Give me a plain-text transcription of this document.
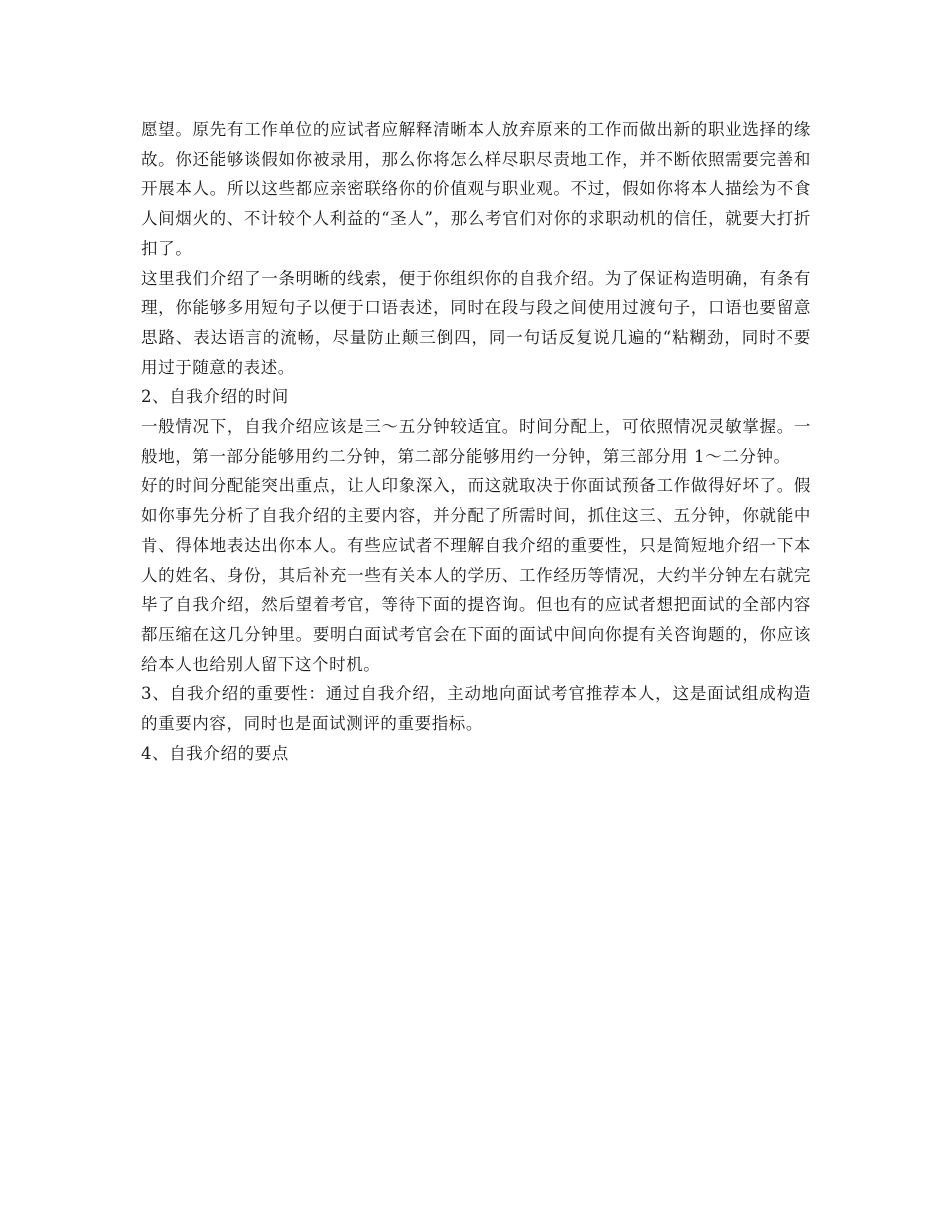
愿望。原先有工作单位的应试者应解释清晰本人放弃原来的工作而做出新的职业选择的缘故。你还能够谈假如你被录用，那么你将怎么样尽职尽责地工作，并不断依照需要完善和开展本人。所以这些都应亲密联络你的价值观与职业观。不过，假如你将本人描绘为不食人间烟火的、不计较个人利益的“圣人”，那么考官们对你的求职动机的信任，就要大打折扣了。

这里我们介绍了一条明晰的线索，便于你组织你的自我介绍。为了保证构造明确，有条有理，你能够多用短句子以便于口语表述，同时在段与段之间使用过渡句子，口语也要留意思路、表达语言的流畅，尽量防止颠三倒四，同一句话反复说几遍的“粘糊劲，同时不要用过于随意的表述。

2、自我介绍的时间

一般情况下，自我介绍应该是三～五分钟较适宜。时间分配上，可依照情况灵敏掌握。一般地，第一部分能够用约二分钟，第二部分能够用约一分钟，第三部分用 1～二分钟。

好的时间分配能突出重点，让人印象深入，而这就取决于你面试预备工作做得好坏了。假如你事先分析了自我介绍的主要内容，并分配了所需时间，抓住这三、五分钟，你就能中肯、得体地表达出你本人。有些应试者不理解自我介绍的重要性，只是简短地介绍一下本人的姓名、身份，其后补充一些有关本人的学历、工作经历等情况，大约半分钟左右就完毕了自我介绍，然后望着考官，等待下面的提咨询。但也有的应试者想把面试的全部内容都压缩在这几分钟里。要明白面试考官会在下面的面试中间向你提有关咨询题的，你应该给本人也给别人留下这个时机。

3、自我介绍的重要性：通过自我介绍，主动地向面试考官推荐本人，这是面试组成构造的重要内容，同时也是面试测评的重要指标。

4、自我介绍的要点
